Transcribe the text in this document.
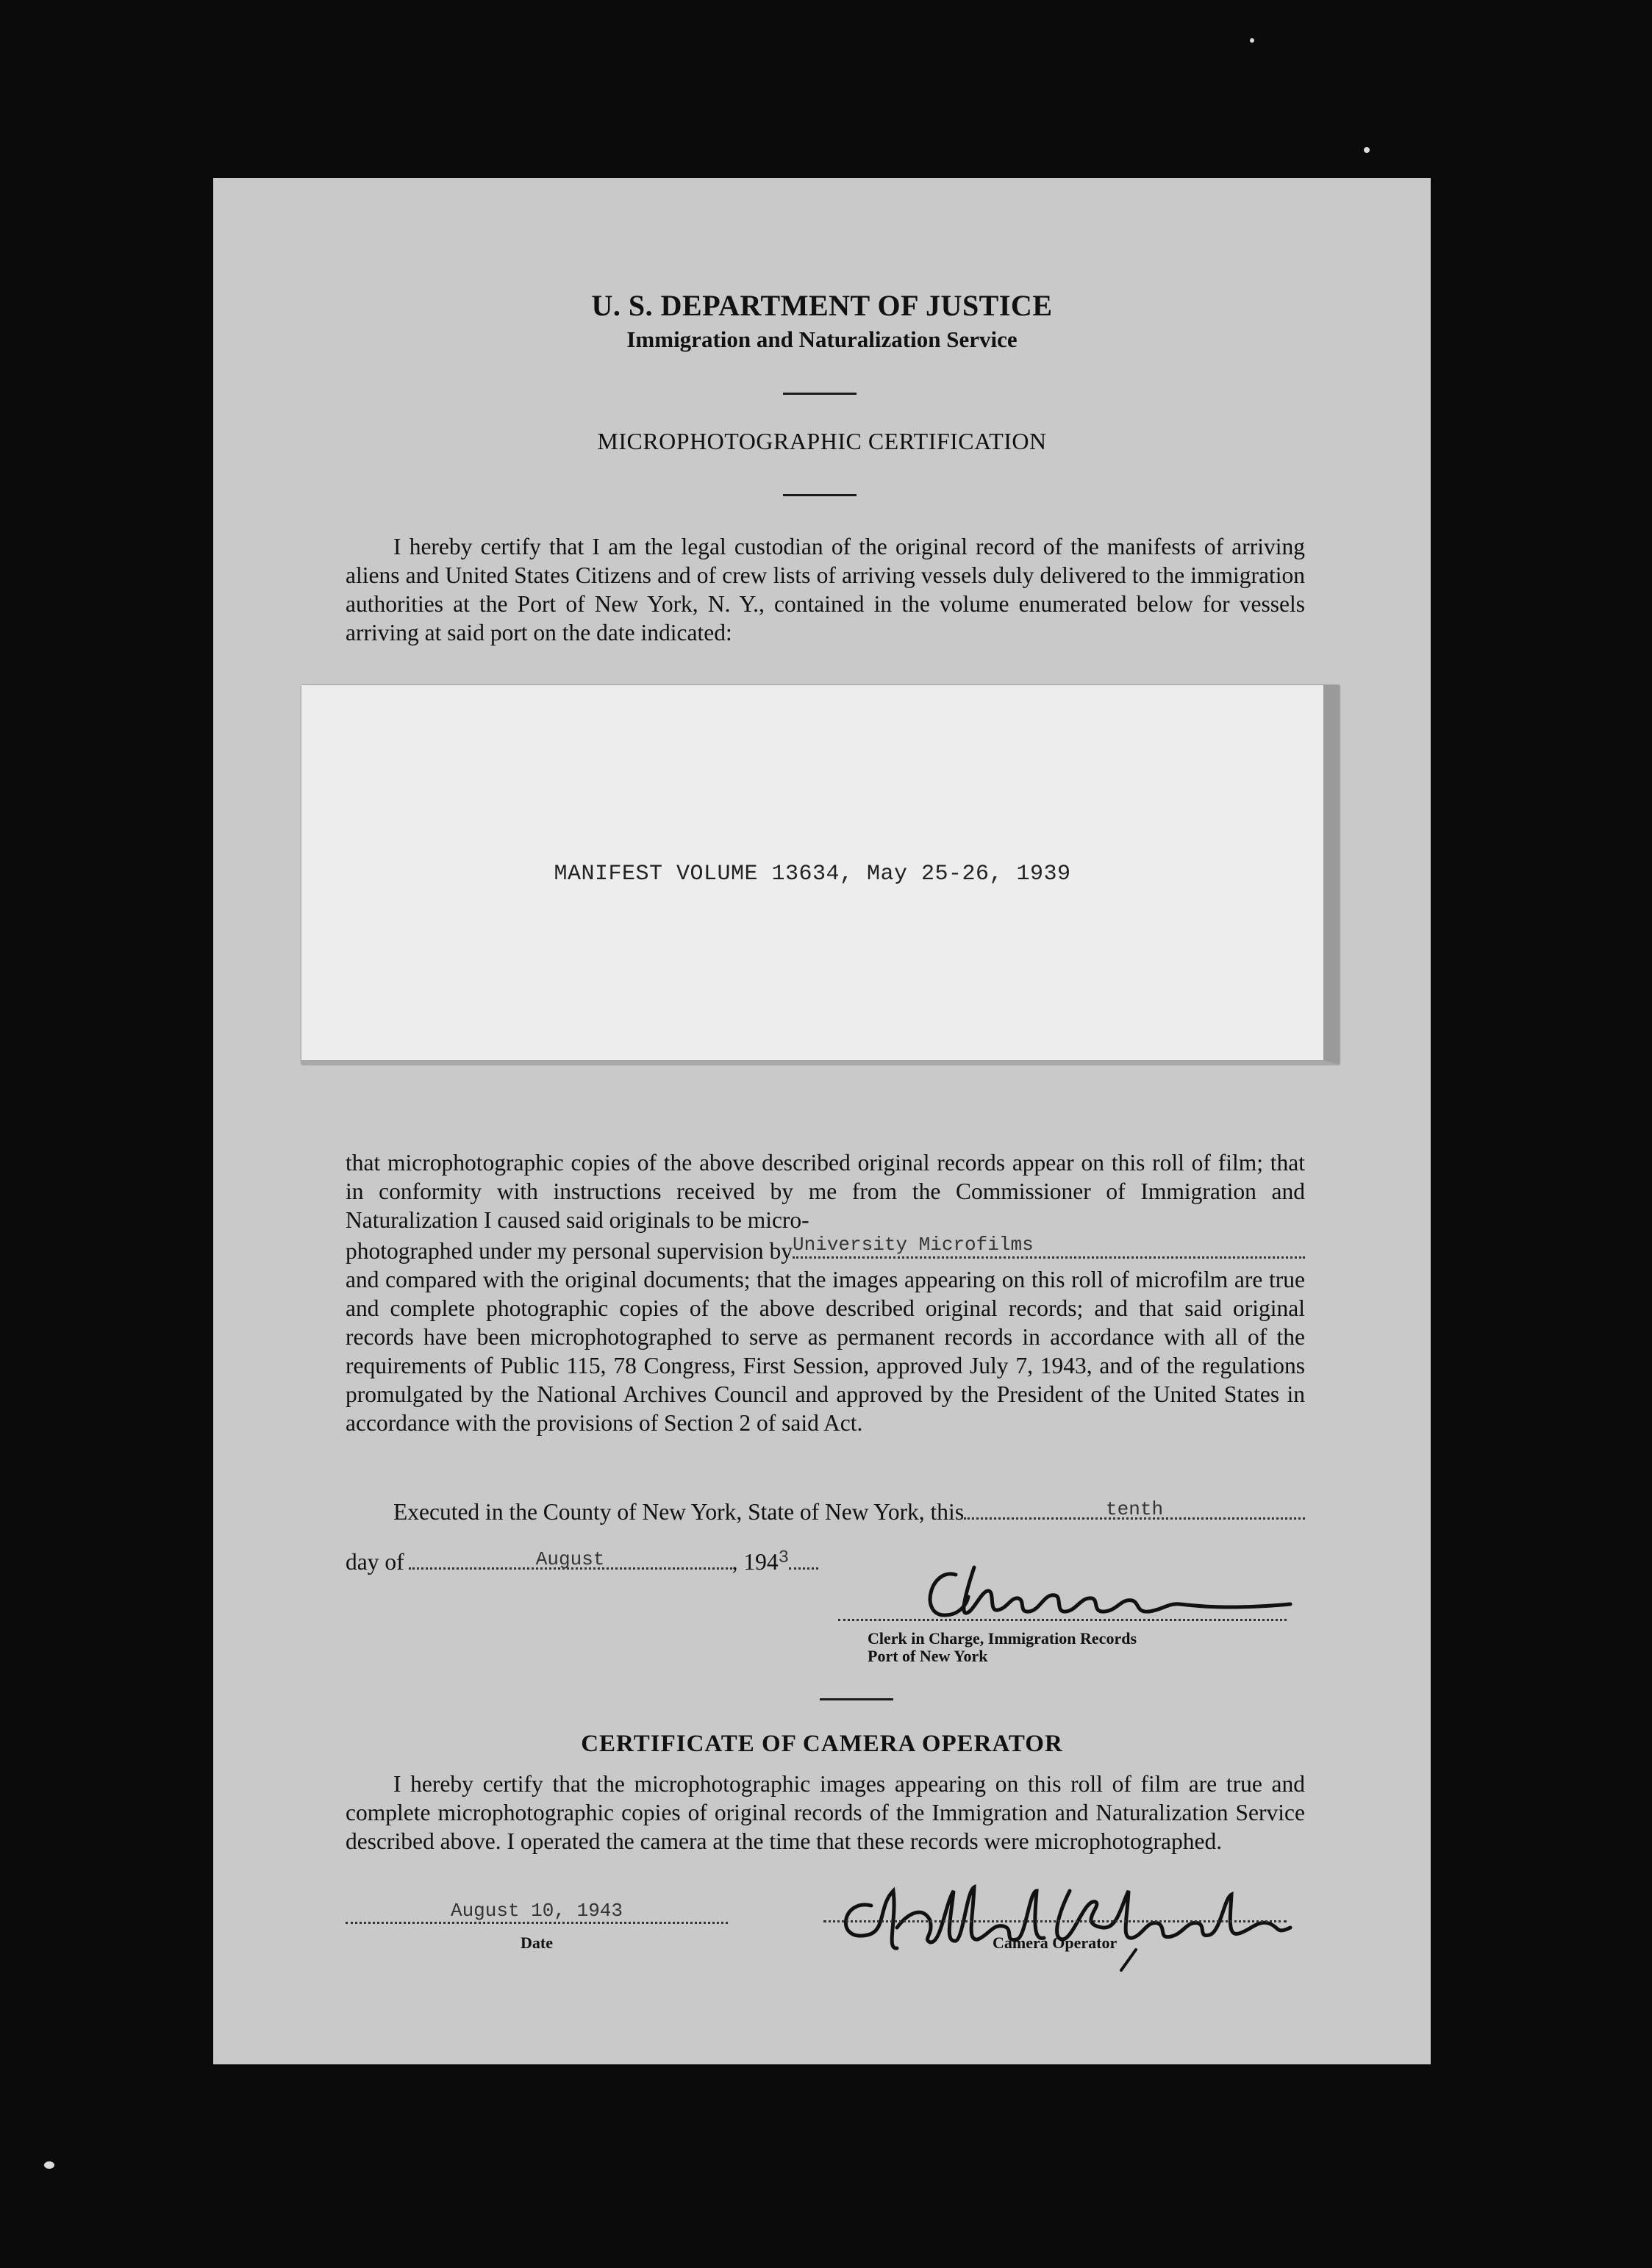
U. S. DEPARTMENT OF JUSTICE
Immigration and Naturalization Service
MICROPHOTOGRAPHIC CERTIFICATION
I hereby certify that I am the legal custodian of the original record of the manifests of arriving aliens and United States Citizens and of crew lists of arriving vessels duly delivered to the immigration authorities at the Port of New York, N. Y., contained in the volume enumerated below for vessels arriving at said port on the date indicated:
MANIFEST VOLUME 13634, May 25-26, 1939
that microphotographic copies of the above described original records appear on this roll of film; that in conformity with instructions received by me from the Commissioner of Immigration and Naturalization I caused said originals to be micro-
photographed under my personal supervision by University Microfilms
and compared with the original documents; that the images appearing on this roll of microfilm are true and complete photographic copies of the above described original records; and that said original records have been microphotographed to serve as permanent records in accordance with all of the requirements of Public 115, 78 Congress, First Session, approved July 7, 1943, and of the regulations promulgated by the National Archives Council and approved by the President of the United States in accordance with the provisions of Section 2 of said Act.
Executed in the County of New York, State of New York, this	tenth
day of	August	, 194 3
Clerk in Charge, Immigration Records
Port of New York
CERTIFICATE OF CAMERA OPERATOR
I hereby certify that the microphotographic images appearing on this roll of film are true and complete microphotographic copies of original records of the Immigration and Naturalization Service described above. I operated the camera at the time that these records were microphotographed.
August 10, 1943
Date	Camera Operator
